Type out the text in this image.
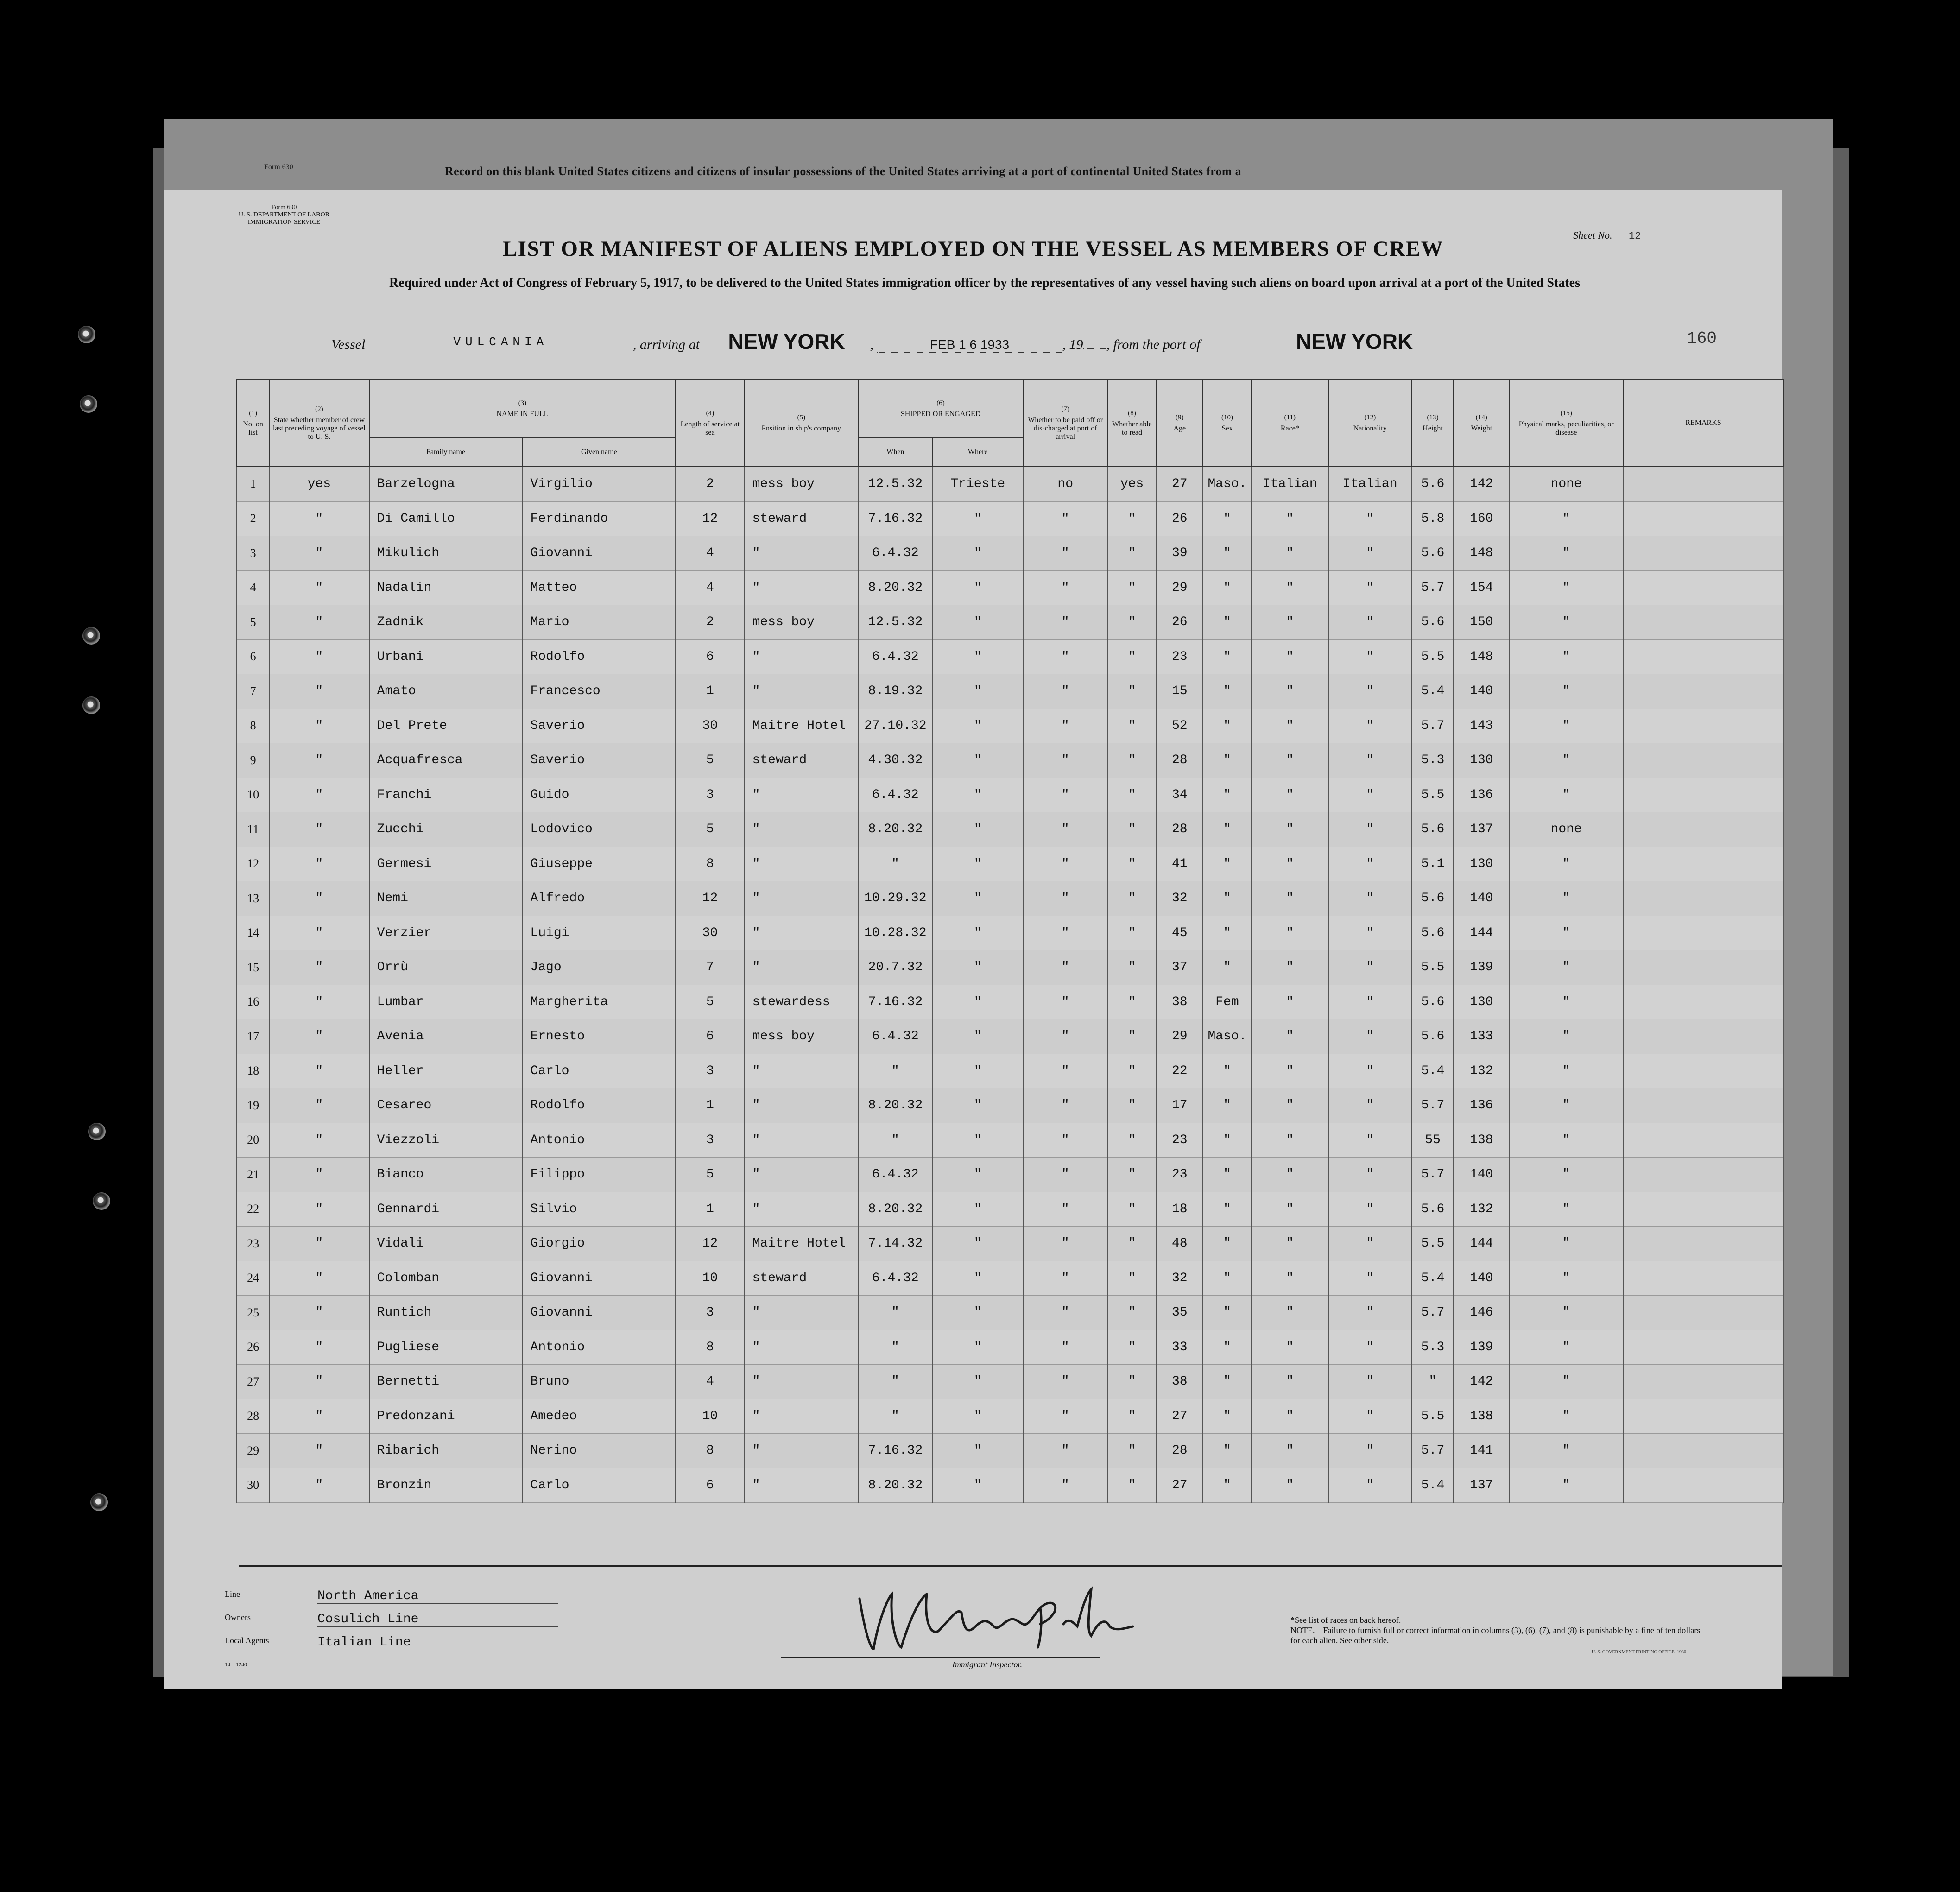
Form 630	Record on this blank United States citizens and citizens of insular possessions of the United States arriving at a port of continental United States from a
Form 690
U. S. DEPARTMENT OF LABOR
IMMIGRATION SERVICE
Sheet No. 12
LIST OR MANIFEST OF ALIENS EMPLOYED ON THE VESSEL AS MEMBERS OF CREW
Required under Act of Congress of February 5, 1917, to be delivered to the United States immigration officer by the representatives of any vessel having such aliens on board upon arrival at a port of the United States
Vessel	VULCANIA	, arriving at NEW YORK ,	FEB 1 6 1933	, 19 , from the port of	NEW YORK	160
(1)
No. on list	(2)
State whether member of crew last preceding voyage of vessel to U. S.	(3)
NAME IN FULL		(4)
Length of service at sea	(5)
Position in ship's company	(6)
SHIPPED OR ENGAGED		(7)
Whether to be paid off or dis-charged at port of arrival	(8)
Whether able to read	(9)
Age	(10)
Sex	(11)
Race*	(12)
Nationality	(13)
Height	(14)
Weight	(15)
Physical marks, peculiarities, or disease	REMARKS
		Family name	Given name			When	Where										
1	yes	Barzelogna	Virgilio	2	mess boy	12.5.32	Trieste	no	yes	27	Maso.	Italian	Italian	5.6	142	none	
2	"	Di Camillo	Ferdinando	12	steward	7.16.32	"	"	"	26	"	"	"	5.8	160	"	
3	"	Mikulich	Giovanni	4	"	6.4.32	"	"	"	39	"	"	"	5.6	148	"	
4	"	Nadalin	Matteo	4	"	8.20.32	"	"	"	29	"	"	"	5.7	154	"	
5	"	Zadnik	Mario	2	mess boy	12.5.32	"	"	"	26	"	"	"	5.6	150	"	
6	"	Urbani	Rodolfo	6	"	6.4.32	"	"	"	23	"	"	"	5.5	148	"	
7	"	Amato	Francesco	1	"	8.19.32	"	"	"	15	"	"	"	5.4	140	"	
8	"	Del Prete	Saverio	30	Maitre Hotel	27.10.32	"	"	"	52	"	"	"	5.7	143	"	
9	"	Acquafresca	Saverio	5	steward	4.30.32	"	"	"	28	"	"	"	5.3	130	"	
10	"	Franchi	Guido	3	"	6.4.32	"	"	"	34	"	"	"	5.5	136	"	
11	"	Zucchi	Lodovico	5	"	8.20.32	"	"	"	28	"	"	"	5.6	137	none	
12	"	Germesi	Giuseppe	8	"	"	"	"	"	41	"	"	"	5.1	130	"	
13	"	Nemi	Alfredo	12	"	10.29.32	"	"	"	32	"	"	"	5.6	140	"	
14	"	Verzier	Luigi	30	"	10.28.32	"	"	"	45	"	"	"	5.6	144	"	
15	"	Orrù	Jago	7	"	20.7.32	"	"	"	37	"	"	"	5.5	139	"	
16	"	Lumbar	Margherita	5	stewardess	7.16.32	"	"	"	38	Fem	"	"	5.6	130	"	
17	"	Avenia	Ernesto	6	mess boy	6.4.32	"	"	"	29	Maso.	"	"	5.6	133	"	
18	"	Heller	Carlo	3	"	"	"	"	"	22	"	"	"	5.4	132	"	
19	"	Cesareo	Rodolfo	1	"	8.20.32	"	"	"	17	"	"	"	5.7	136	"	
20	"	Viezzoli	Antonio	3	"	"	"	"	"	23	"	"	"	55	138	"	
21	"	Bianco	Filippo	5	"	6.4.32	"	"	"	23	"	"	"	5.7	140	"	
22	"	Gennardi	Silvio	1	"	8.20.32	"	"	"	18	"	"	"	5.6	132	"	
23	"	Vidali	Giorgio	12	Maitre Hotel	7.14.32	"	"	"	48	"	"	"	5.5	144	"	
24	"	Colomban	Giovanni	10	steward	6.4.32	"	"	"	32	"	"	"	5.4	140	"	
25	"	Runtich	Giovanni	3	"	"	"	"	"	35	"	"	"	5.7	146	"	
26	"	Pugliese	Antonio	8	"	"	"	"	"	33	"	"	"	5.3	139	"	
27	"	Bernetti	Bruno	4	"	"	"	"	"	38	"	"	"	"	142	"	
28	"	Predonzani	Amedeo	10	"	"	"	"	"	27	"	"	"	5.5	138	"	
29	"	Ribarich	Nerino	8	"	7.16.32	"	"	"	28	"	"	"	5.7	141	"	
30	"	Bronzin	Carlo	6	"	8.20.32	"	"	"	27	"	"	"	5.4	137	"	
Line	North America
Owners	Cosulich Line
Local Agents	Italian Line
14—1240	Immigrant Inspector.
*See list of races on back hereof.
NOTE.—Failure to furnish full or correct information in columns (3), (6), (7), and (8) is punishable by a fine of ten dollars for each alien. See other side.
U. S. GOVERNMENT PRINTING OFFICE: 1930
